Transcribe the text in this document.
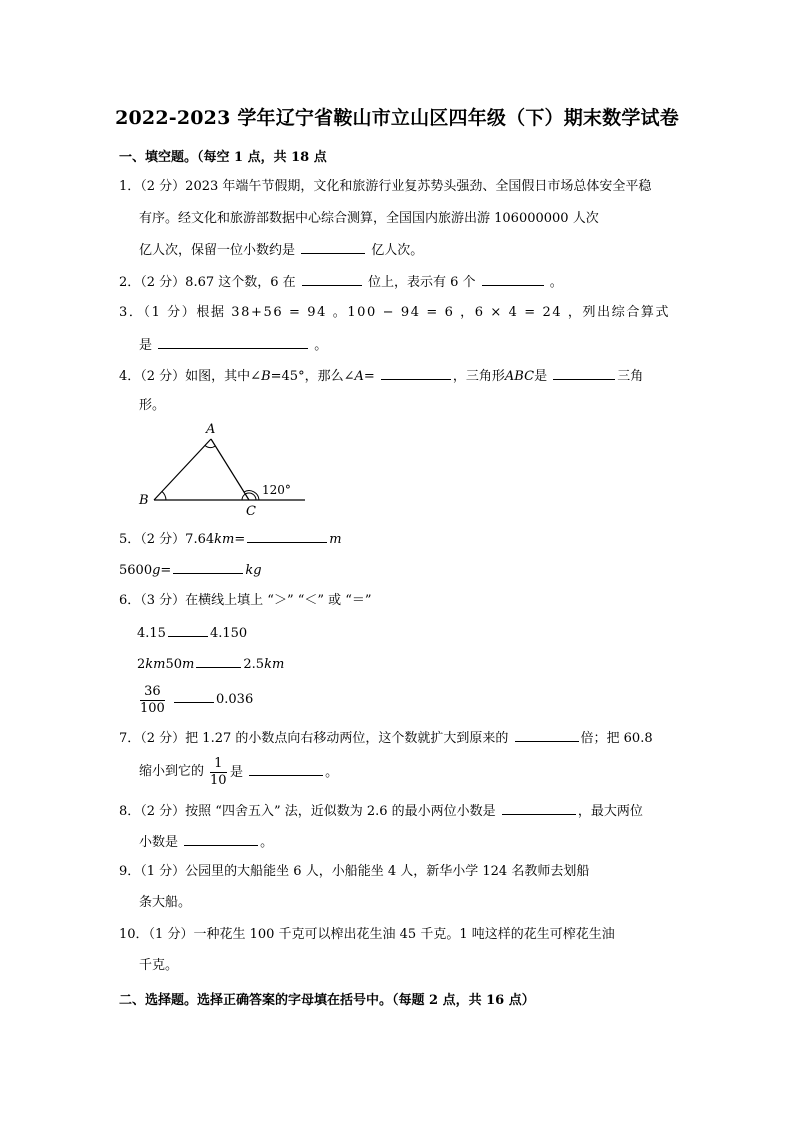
2022-2023 学年辽宁省鞍山市立山区四年级（下）期末数学试卷
一、填空题。（每空 1 点，共 18 点
1．（2 分）2023 年端午节假期，文化和旅游行业复苏势头强劲、全国假日市场总体安全平稳
有序。经文化和旅游部数据中心综合测算，全国国内旅游出游 106000000 人次
亿人次，保留一位小数约是	亿人次。
2．（2 分）8.67 这个数，6 在	位上，表示有 6 个	。
3．（1 分）根据 38+56 = 94 。100 − 94 = 6 ，6 × 4 = 24 ，列出综合算式
是	。
4．（2 分）如图，其中∠B=45°，那么∠A=	，三角形ABC是	三角
形。
A
B
C
120°
5．（2 分）7.64km=	m
5600g=	kg
6．（3 分）在横线上填上 “＞” “＜” 或 “＝”
4.15	4.150
2km50m	2.5km
$\frac{36}{100}$	0.036
7．（2 分）把 1.27 的小数点向右移动两位，这个数就扩大到原来的	倍；把 60.8
缩小到它的 $\frac{1}{10}$ 是	。
8．（2 分）按照 “四舍五入” 法，近似数为 2.6 的最小两位小数是	，最大两位
小数是	。
9．（1 分）公园里的大船能坐 6 人，小船能坐 4 人，新华小学 124 名教师去划船
条大船。
10．（1 分）一种花生 100 千克可以榨出花生油 45 千克。1 吨这样的花生可榨花生油
千克。
二、选择题。选择正确答案的字母填在括号中。（每题 2 点，共 16 点）
